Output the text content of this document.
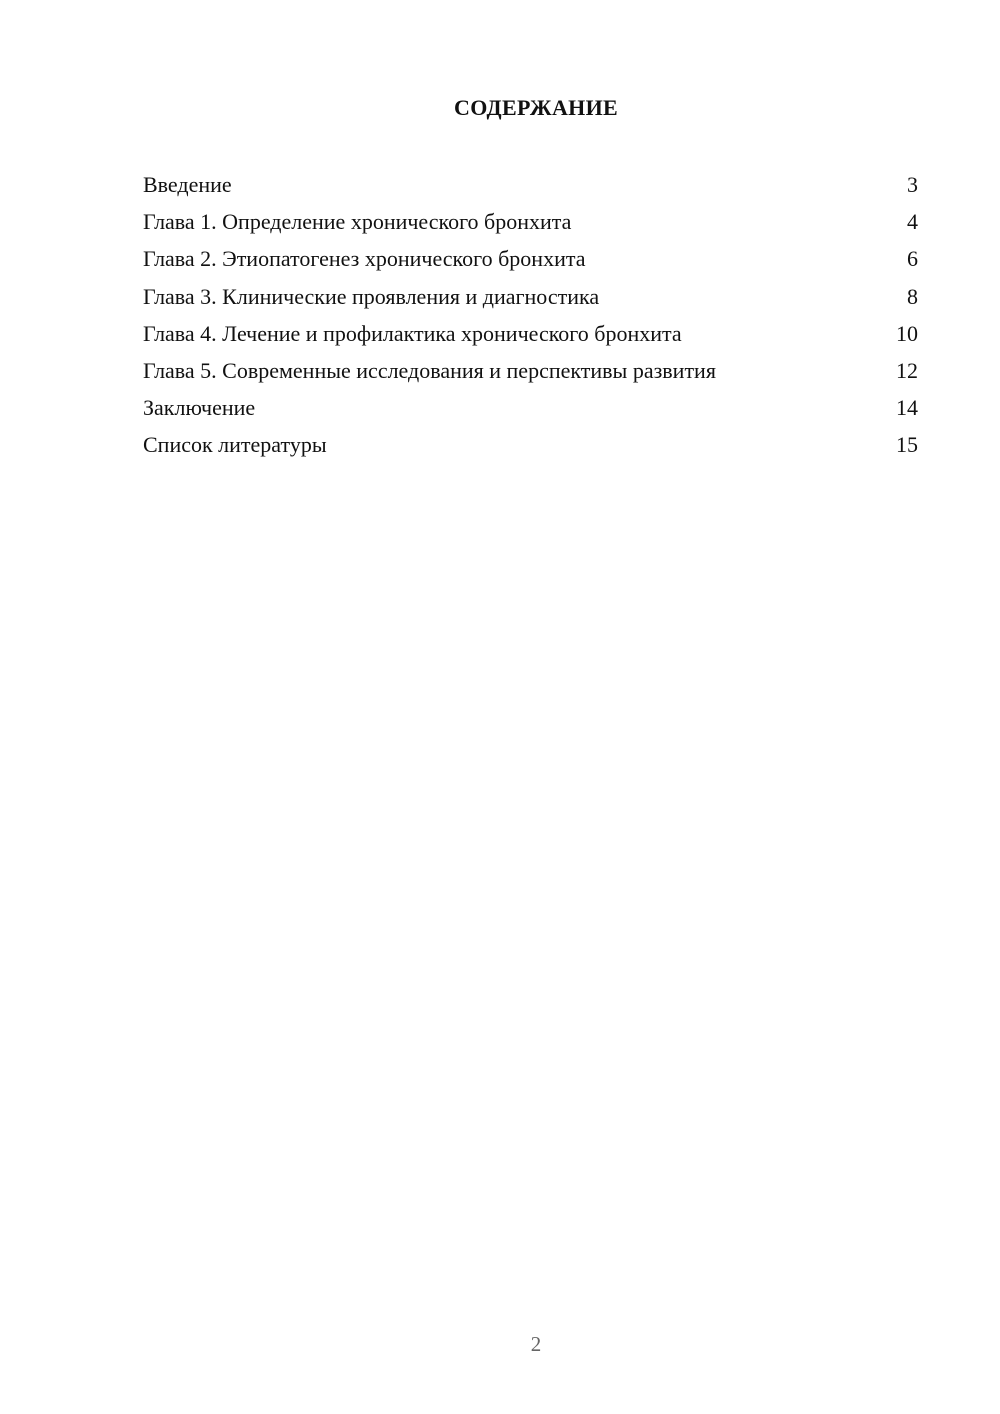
СОДЕРЖАНИЕ
Введение	3
Глава 1. Определение хронического бронхита	4
Глава 2. Этиопатогенез хронического бронхита	6
Глава 3. Клинические проявления и диагностика	8
Глава 4. Лечение и профилактика хронического бронхита	10
Глава 5. Современные исследования и перспективы развития	12
Заключение	14
Список литературы	15
2
